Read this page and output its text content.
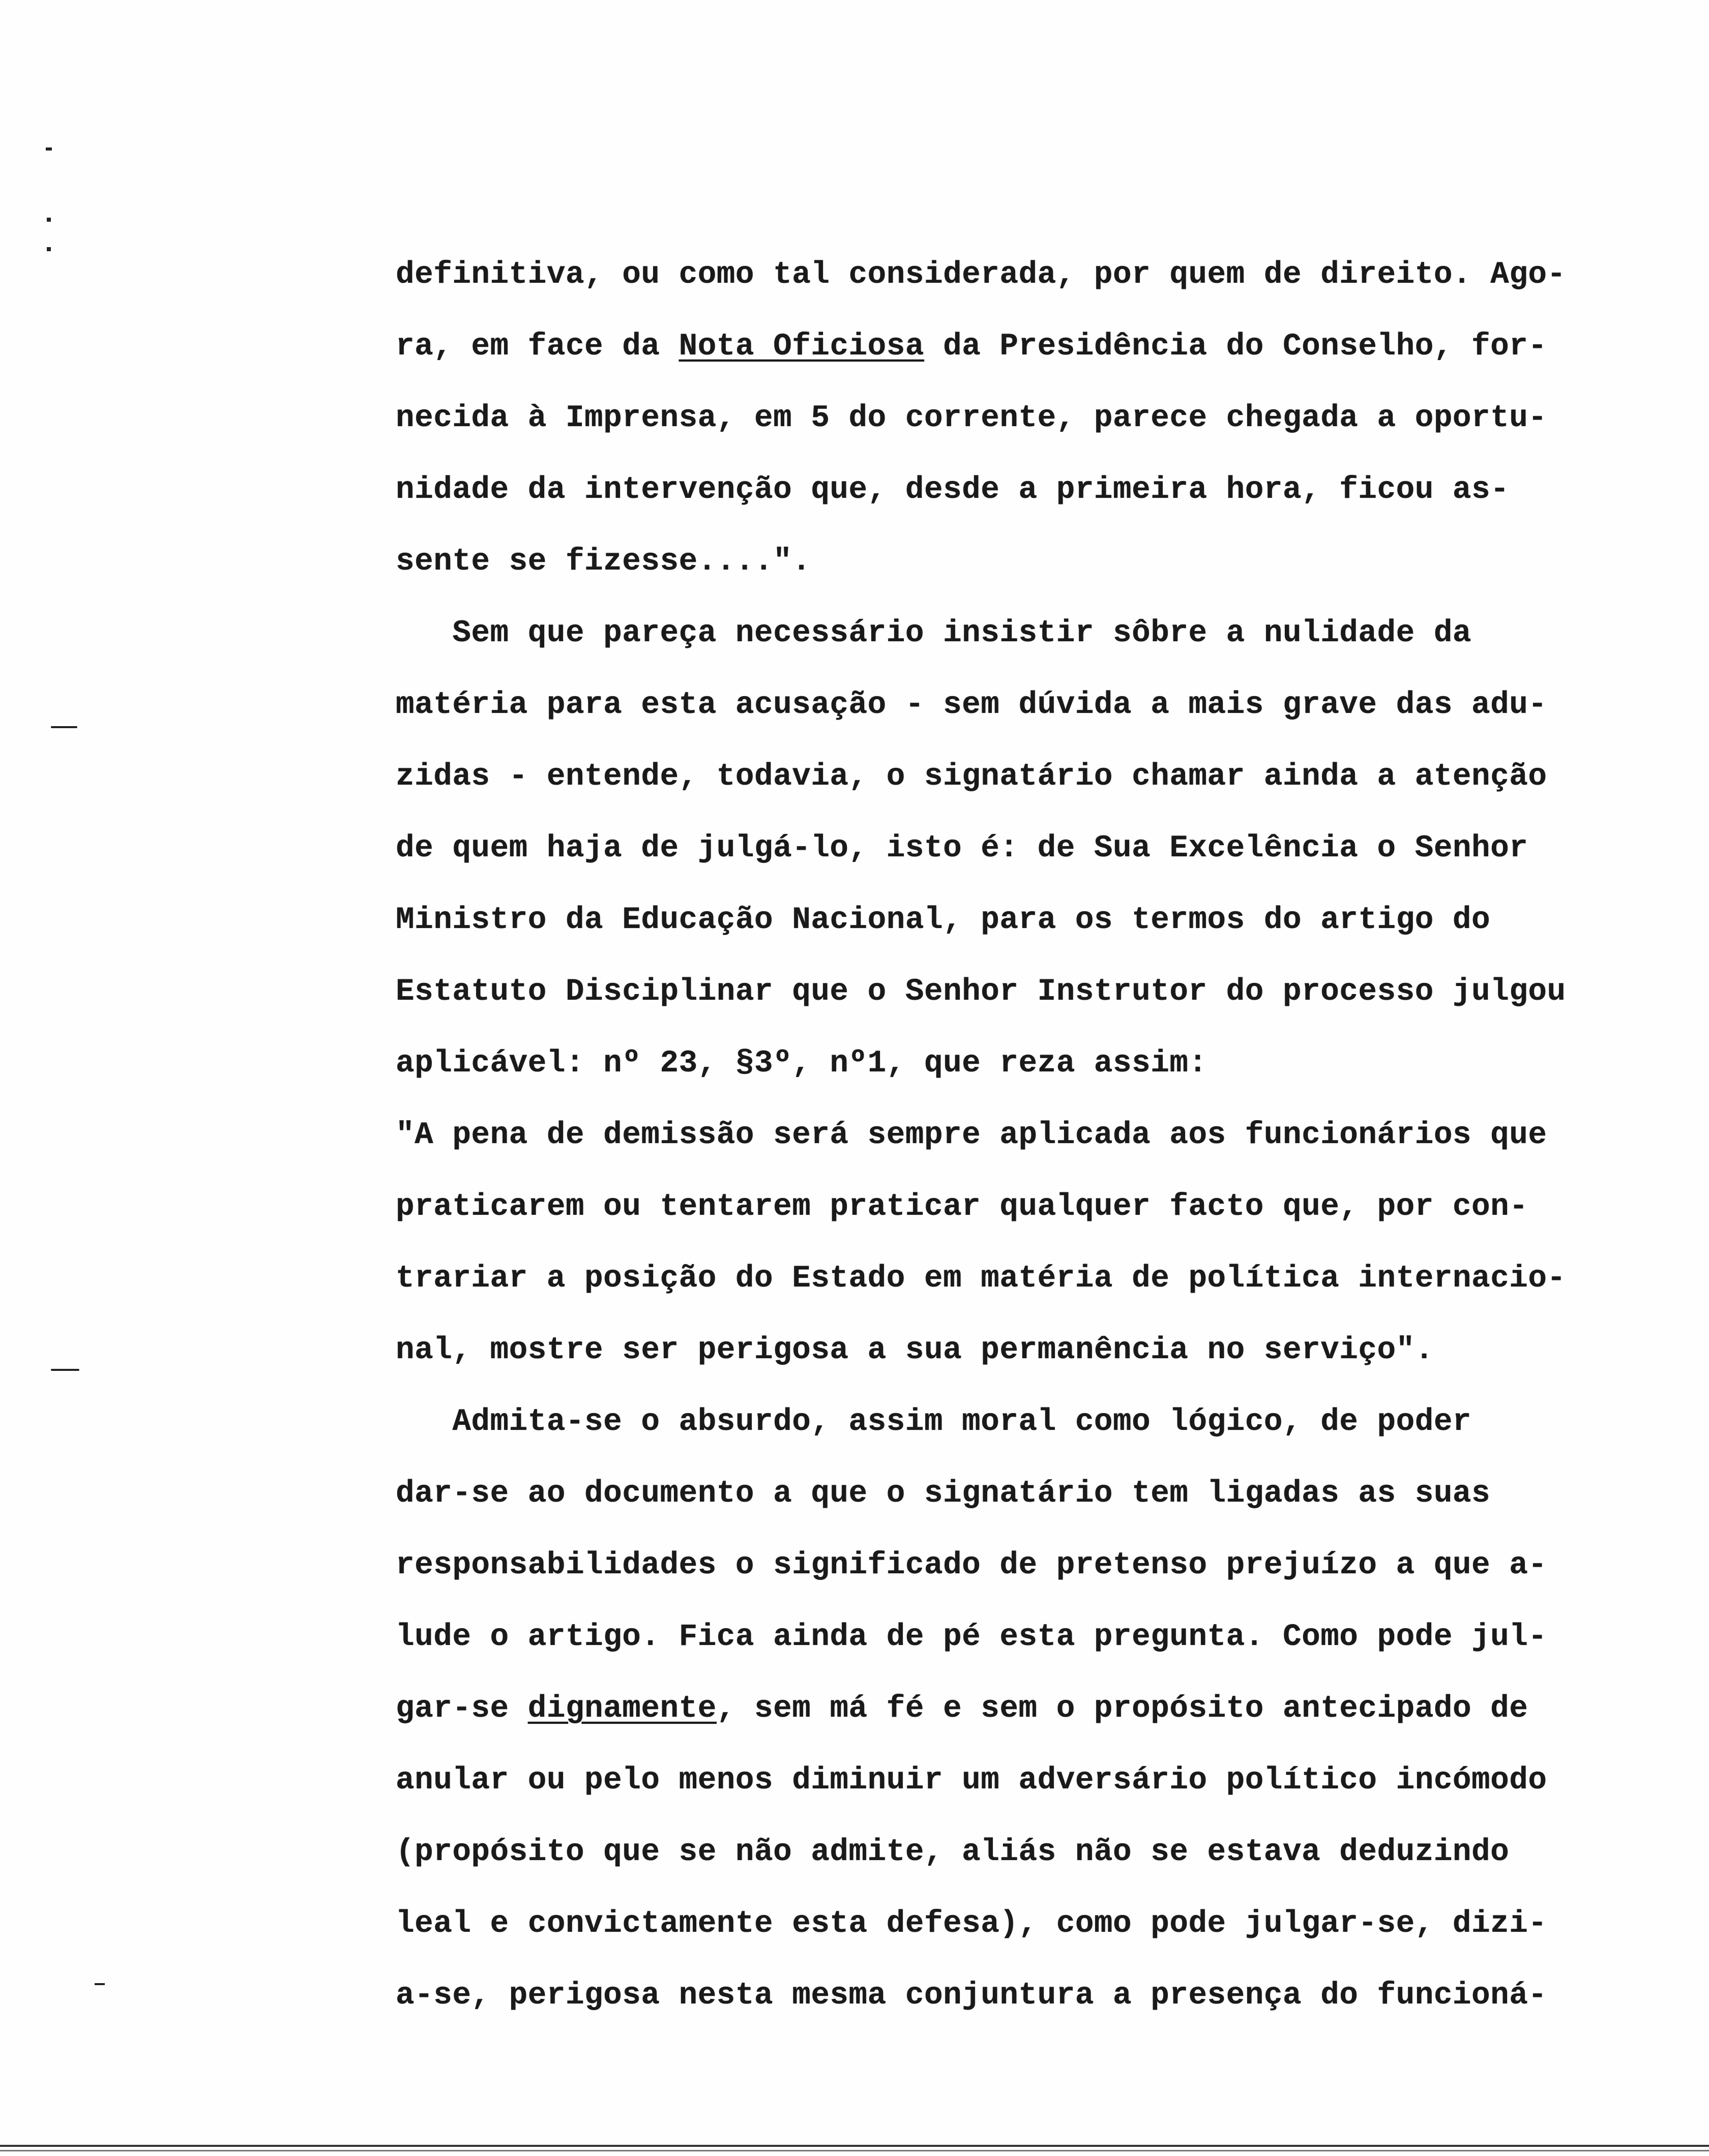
definitiva, ou como tal considerada, por quem de direito. Ago-
ra, em face da Nota Oficiosa da Presidência do Conselho, for-
necida à Imprensa, em 5 do corrente, parece chegada a oportu-
nidade da intervenção que, desde a primeira hora, ficou as-
sente se fizesse....".
Sem que pareça necessário insistir sôbre a nulidade da
matéria para esta acusação - sem dúvida a mais grave das adu-
zidas - entende, todavia, o signatário chamar ainda a atenção
de quem haja de julgá-lo, isto é: de Sua Excelência o Senhor
Ministro da Educação Nacional, para os termos do artigo do
Estatuto Disciplinar que o Senhor Instrutor do processo julgou
aplicável: nº 23, §3º, nº1, que reza assim:
"A pena de demissão será sempre aplicada aos funcionários que
praticarem ou tentarem praticar qualquer facto que, por con-
trariar a posição do Estado em matéria de política internacio-
nal, mostre ser perigosa a sua permanência no serviço".
Admita-se o absurdo, assim moral como lógico, de poder
dar-se ao documento a que o signatário tem ligadas as suas
responsabilidades o significado de pretenso prejuízo a que a-
lude o artigo. Fica ainda de pé esta pregunta. Como pode jul-
gar-se dignamente, sem má fé e sem o propósito antecipado de
anular ou pelo menos diminuir um adversário político incómodo
(propósito que se não admite, aliás não se estava deduzindo
leal e convictamente esta defesa), como pode julgar-se, dizi-
a-se, perigosa nesta mesma conjuntura a presença do funcioná-
